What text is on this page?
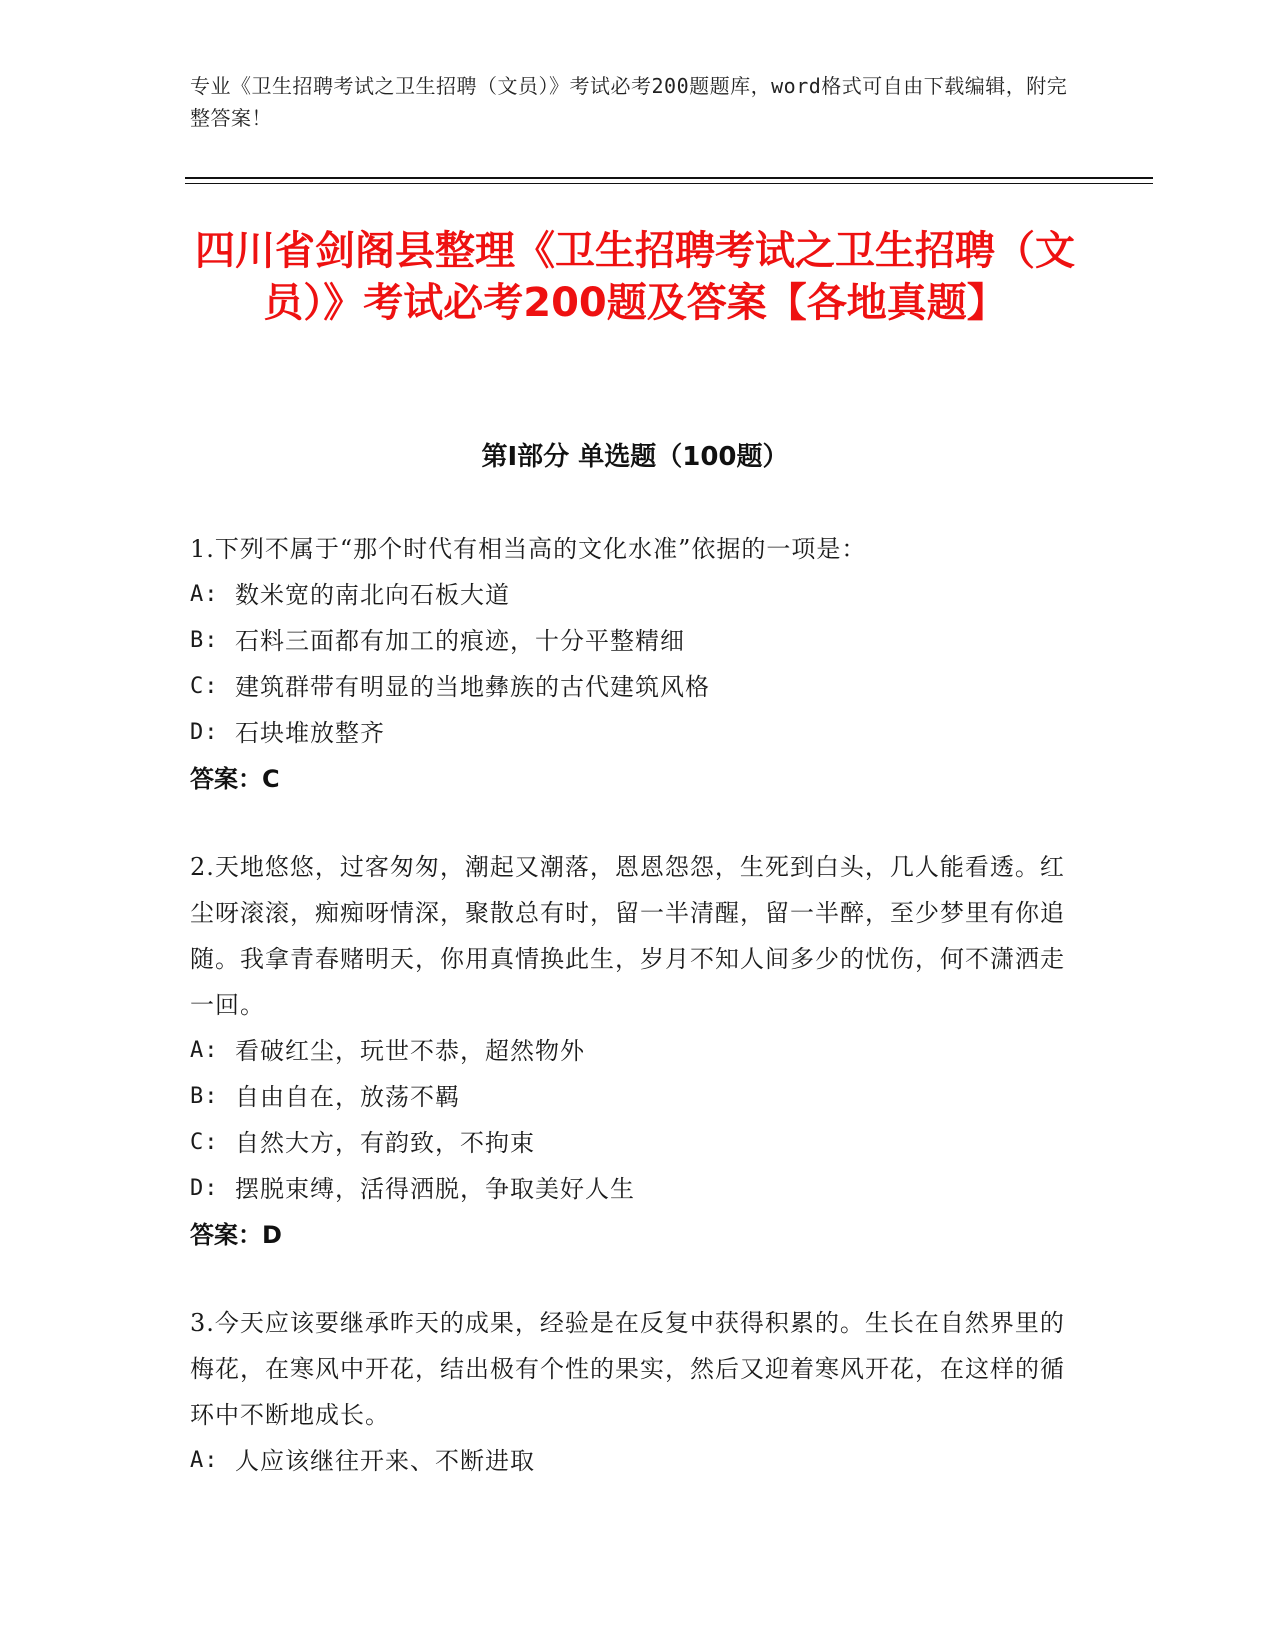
专业《卫生招聘考试之卫生招聘（文员）》考试必考200题题库，word格式可自由下载编辑，附完整答案！
四川省剑阁县整理《卫生招聘考试之卫生招聘（文员）》考试必考200题及答案【各地真题】
第Ⅰ部分 单选题（100题）

1.下列不属于“那个时代有相当高的文化水准”依据的一项是：

A: 数米宽的南北向石板大道
B: 石料三面都有加工的痕迹，十分平整精细
C: 建筑群带有明显的当地彝族的古代建筑风格
D: 石块堆放整齐

答案：C

2.天地悠悠，过客匆匆，潮起又潮落，恩恩怨怨，生死到白头，几人能看透。红尘呀滚滚，痴痴呀情深，聚散总有时，留一半清醒，留一半醉，至少梦里有你追随。我拿青春赌明天，你用真情换此生，岁月不知人间多少的忧伤，何不潇洒走一回。

A: 看破红尘，玩世不恭，超然物外
B: 自由自在，放荡不羁
C: 自然大方，有韵致，不拘束
D: 摆脱束缚，活得洒脱，争取美好人生

答案：D

3.今天应该要继承昨天的成果，经验是在反复中获得积累的。生长在自然界里的梅花，在寒风中开花，结出极有个性的果实，然后又迎着寒风开花，在这样的循环中不断地成长。

A: 人应该继往开来、不断进取
